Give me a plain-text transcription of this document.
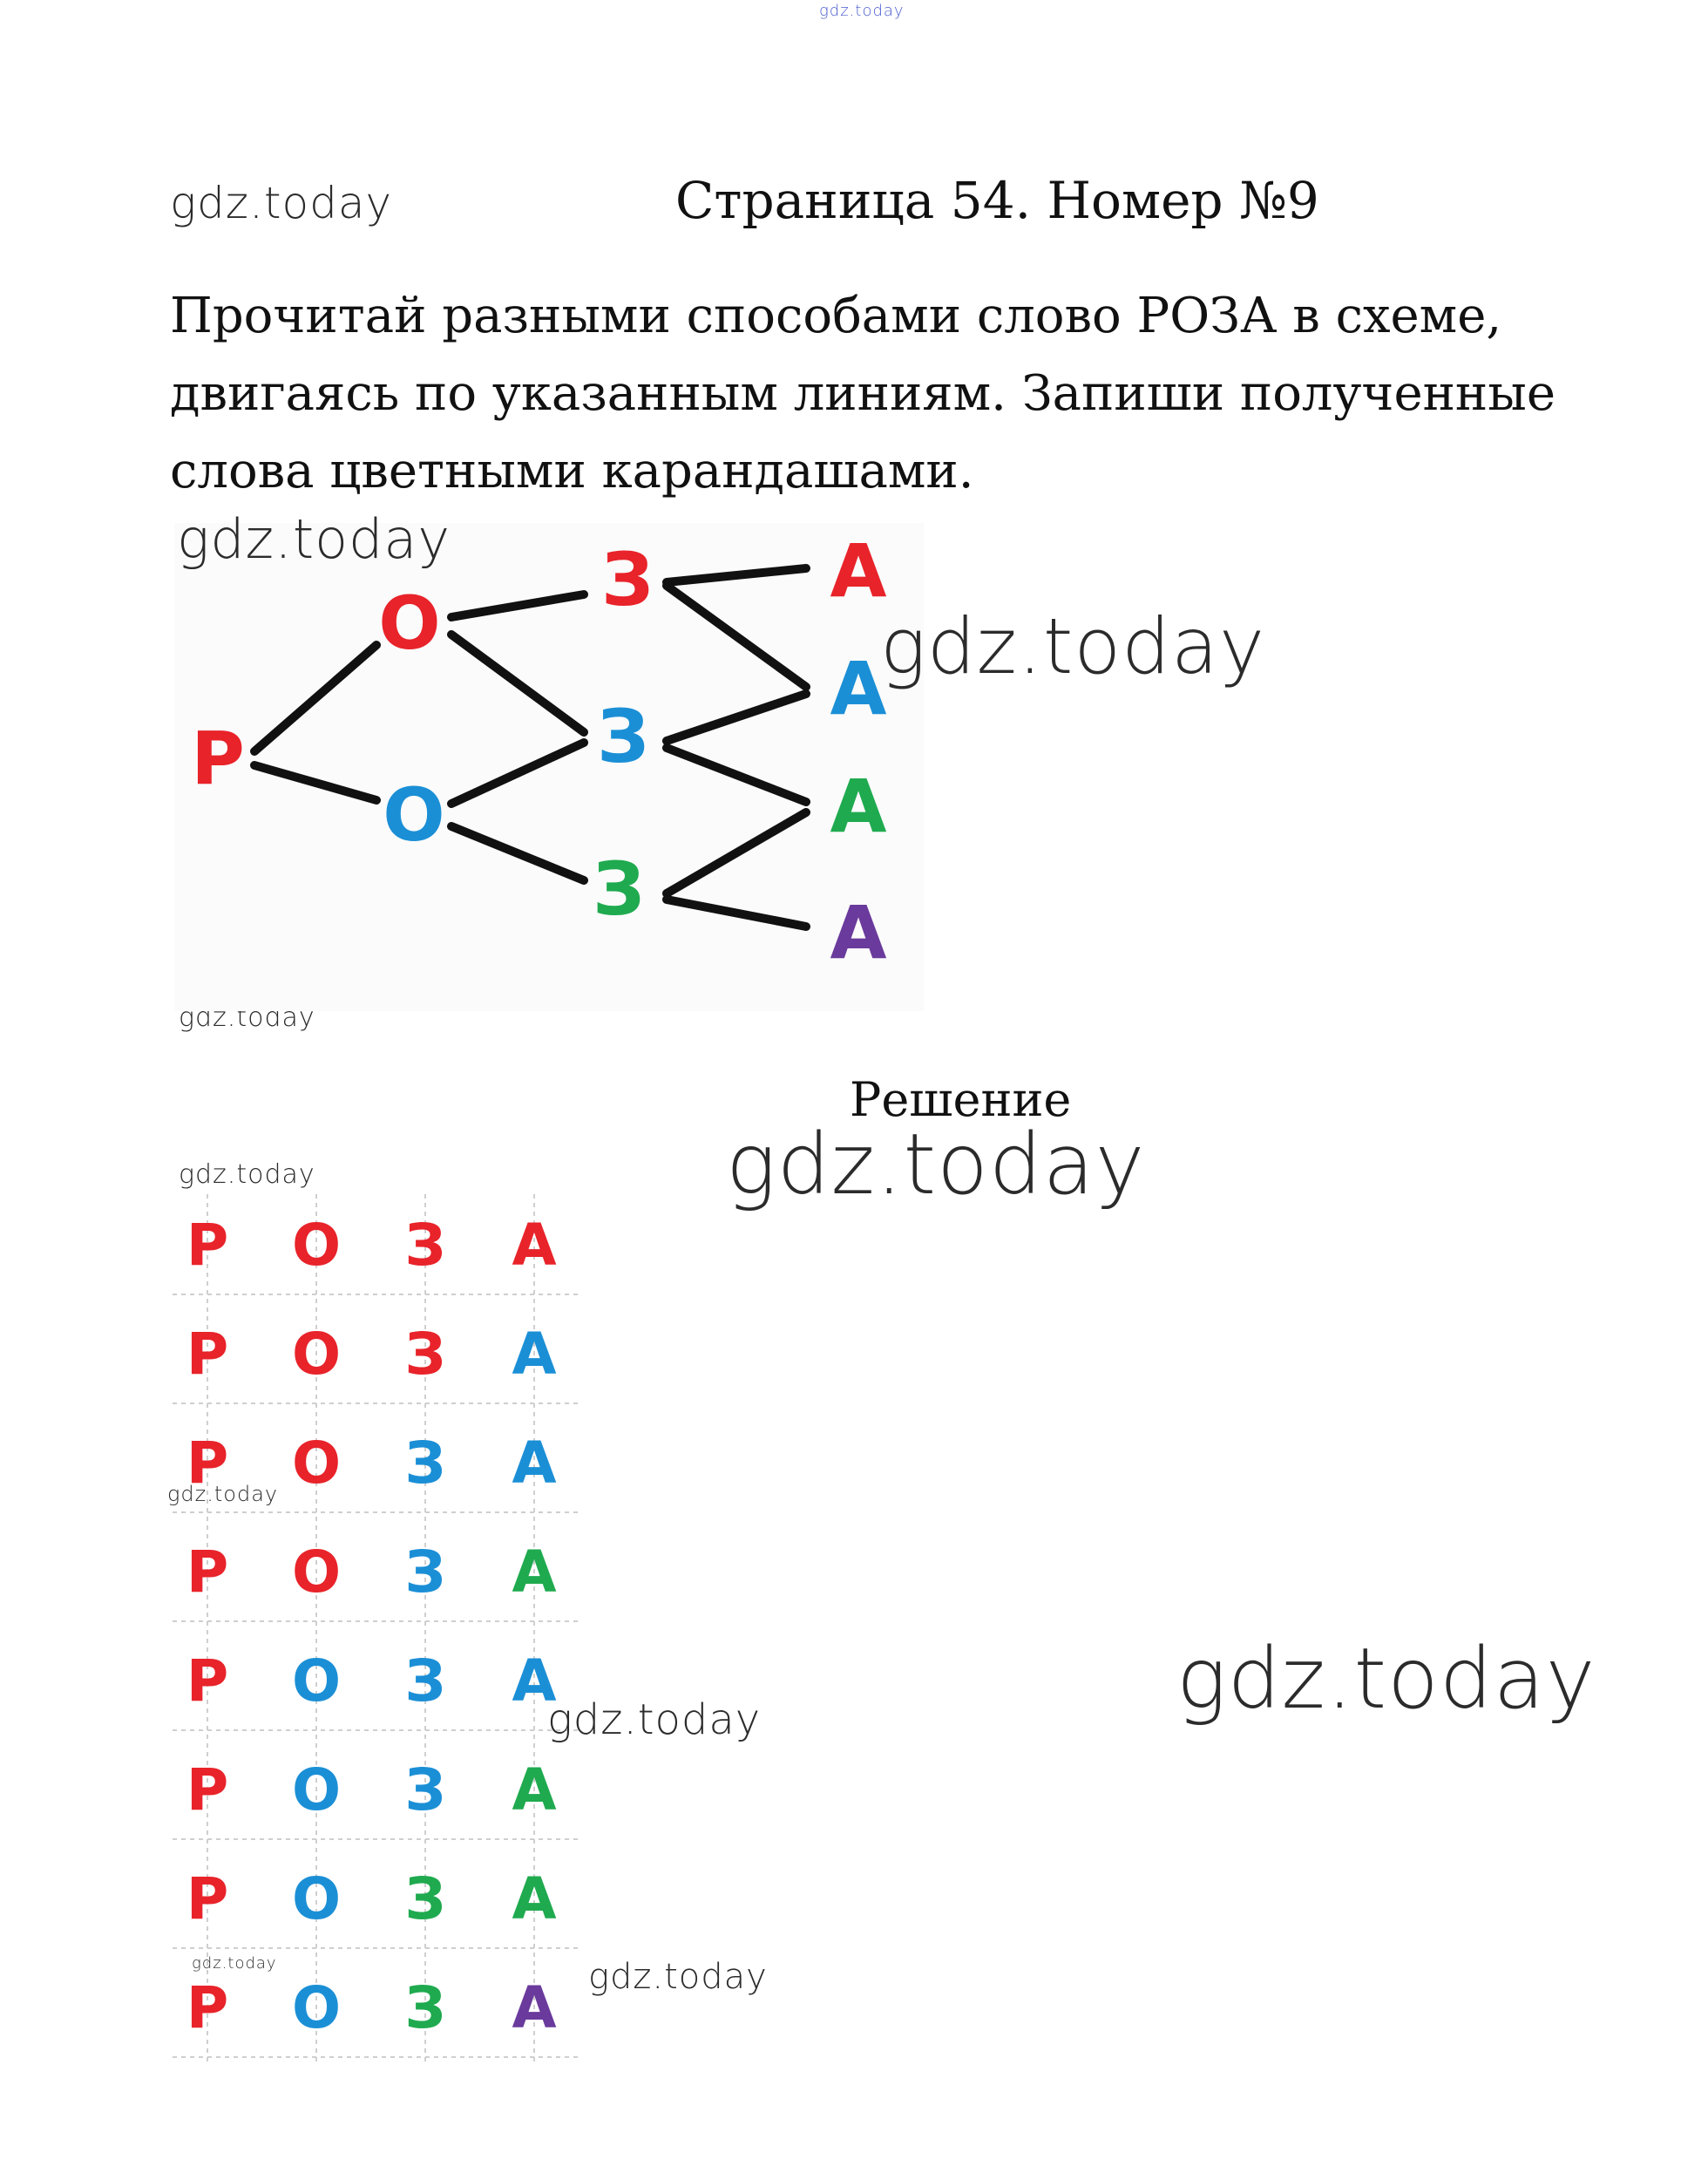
gdz.today
gdz.today
gdz.today
gdz.today
gdz.today
gdz.today
gdz.today
gdz.today
gdz.today	gdz.today
gdz.today	gdz.today
Страница 54. Номер №9

Прочитай разными способами слово РОЗА в схеме, двигаясь по указанным линиям. Запиши полученные слова цветными карандашами.

Р
О
О
З
З
З
А
А
А
А
Решение
Р	О	З	А
Р	О	З	А
Р	О	З	А
Р	О	З	А
Р	О	З	А
Р	О	З	А
Р	О	З	А
Р	О	З	А
